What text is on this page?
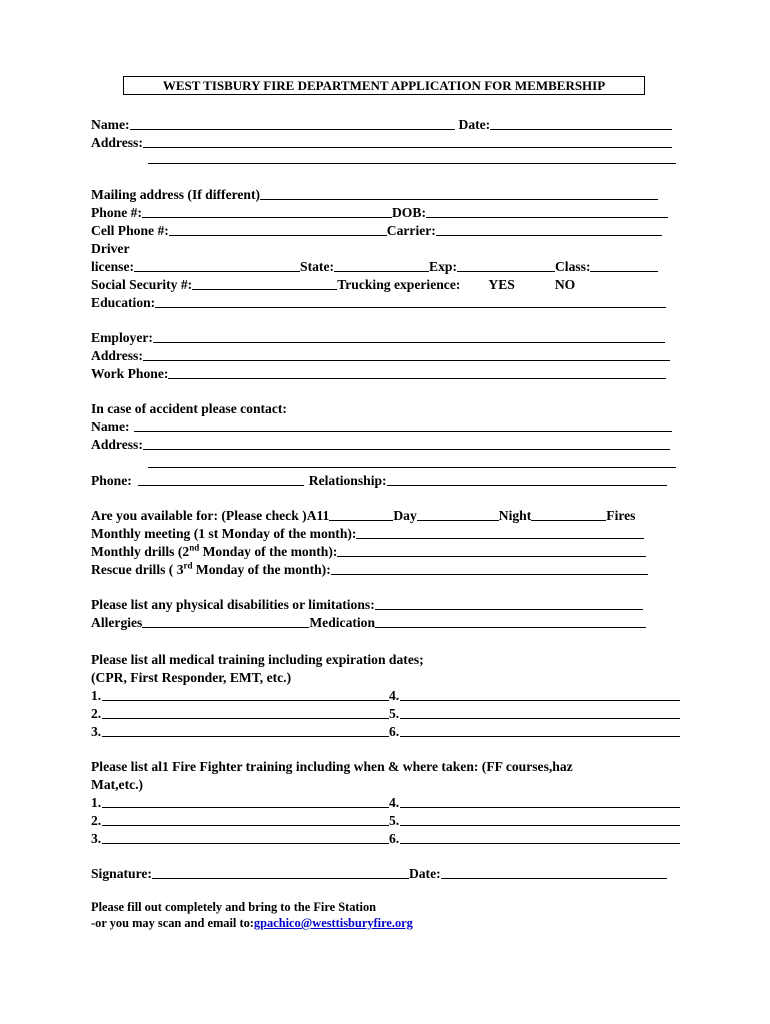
WEST TISBURY FIRE DEPARTMENT APPLICATION FOR MEMBERSHIP
Name:	Date:
Address:
Mailing address (If different)
Phone #:	DOB:
Cell Phone #:	Carrier:
Driver
license:	State:	Exp:	Class:
Social Security #:	Trucking experience: YES	NO
Education:
Employer:
Address:
Work Phone:
In case of accident please contact:
Name:
Address:
Phone:	Relationship:
Are you available for: (Please check )A11	Day	Night	Fires
Monthly meeting (1 st Monday of the month):
Monthly drills (2nd Monday of the month):
Rescue drills ( 3rd Monday of the month):
Please list any physical disabilities or limitations:
Allergies	Medication
Please list all medical training including expiration dates;
(CPR, First Responder, EMT, etc.)
1.	4.
2.	5.
3.	6.
Please list al1 Fire Fighter training including when & where taken: (FF courses,haz
Mat,etc.)
1.	4.
2.	5.
3.	6.
Signature:	Date:
Please fill out completely and bring to the Fire Station
-or you may scan and email to:gpachico@westtisburyfire.org
